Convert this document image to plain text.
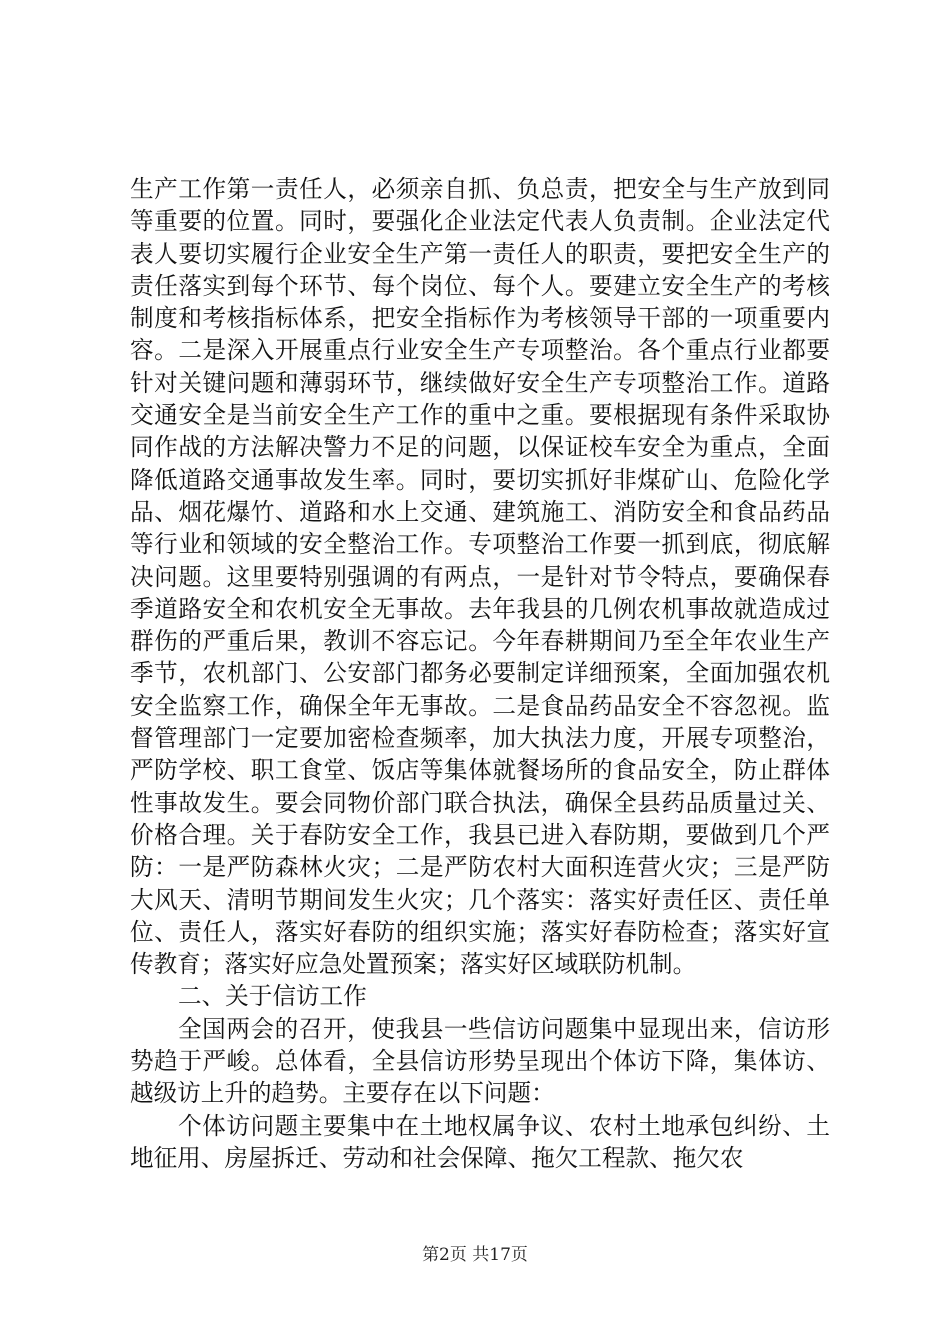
生产工作第一责任人，必须亲自抓、负总责，把安全与生产放到同等重要的位置。同时，要强化企业法定代表人负责制。企业法定代表人要切实履行企业安全生产第一责任人的职责，要把安全生产的责任落实到每个环节、每个岗位、每个人。要建立安全生产的考核制度和考核指标体系，把安全指标作为考核领导干部的一项重要内容。二是深入开展重点行业安全生产专项整治。各个重点行业都要针对关键问题和薄弱环节，继续做好安全生产专项整治工作。道路交通安全是当前安全生产工作的重中之重。要根据现有条件采取协同作战的方法解决警力不足的问题，以保证校车安全为重点，全面降低道路交通事故发生率。同时，要切实抓好非煤矿山、危险化学品、烟花爆竹、道路和水上交通、建筑施工、消防安全和食品药品等行业和领域的安全整治工作。专项整治工作要一抓到底，彻底解决问题。这里要特别强调的有两点，一是针对节令特点，要确保春季道路安全和农机安全无事故。去年我县的几例农机事故就造成过群伤的严重后果，教训不容忘记。今年春耕期间乃至全年农业生产季节，农机部门、公安部门都务必要制定详细预案，全面加强农机安全监察工作，确保全年无事故。二是食品药品安全不容忽视。监督管理部门一定要加密检查频率，加大执法力度，开展专项整治，严防学校、职工食堂、饭店等集体就餐场所的食品安全，防止群体性事故发生。要会同物价部门联合执法，确保全县药品质量过关、价格合理。关于春防安全工作，我县已进入春防期，要做到几个严防：一是严防森林火灾；二是严防农村大面积连营火灾；三是严防大风天、清明节期间发生火灾；几个落实：落实好责任区、责任单位、责任人，落实好春防的组织实施；落实好春防检查；落实好宣传教育；落实好应急处置预案；落实好区域联防机制。

二、关于信访工作

全国两会的召开，使我县一些信访问题集中显现出来，信访形势趋于严峻。总体看，全县信访形势呈现出个体访下降，集体访、越级访上升的趋势。主要存在以下问题：

个体访问题主要集中在土地权属争议、农村土地承包纠纷、土地征用、房屋拆迁、劳动和社会保障、拖欠工程款、拖欠农

第2页 共17页
